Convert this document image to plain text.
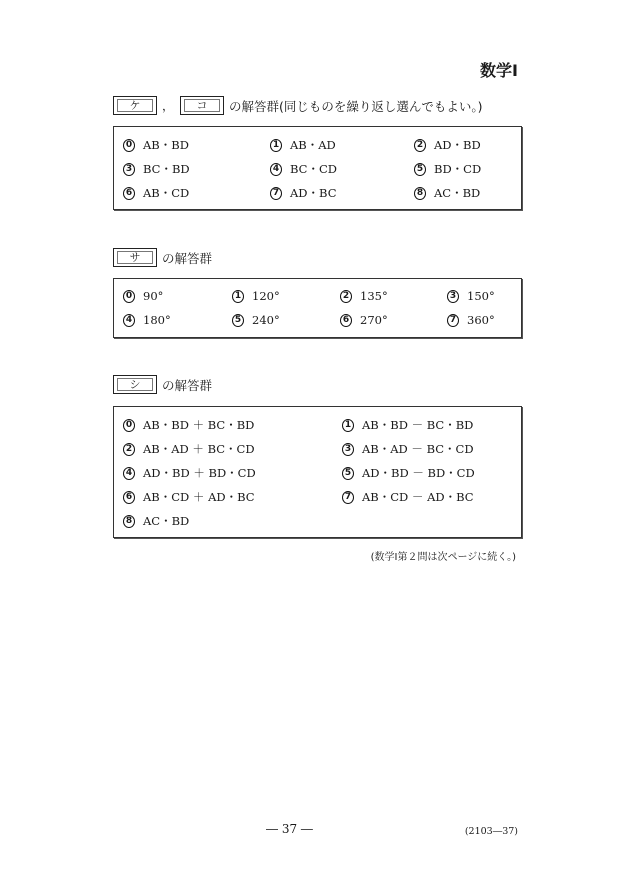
数学Ⅰ
ケ	，	コ	の解答群(同じものを繰り返し選んでもよい。)
0 AB・BD	1 AB・AD	2 AD・BD
3 BC・BD	4 BC・CD	5 BD・CD
6 AB・CD	7 AD・BC	8 AC・BD
サ	の解答群
0 90°	1 120°	2 135°	3 150°
4 180°	5 240°	6 270°	7 360°
シ	の解答群
0 AB・BD ＋ BC・BD	1 AB・BD － BC・BD
2 AB・AD ＋ BC・CD	3 AB・AD － BC・CD
4 AD・BD ＋ BD・CD	5 AD・BD － BD・CD
6 AB・CD ＋ AD・BC	7 AB・CD － AD・BC
8 AC・BD
(数学Ⅰ第２問は次ページに続く。)
― 37 ―	(2103―37)
